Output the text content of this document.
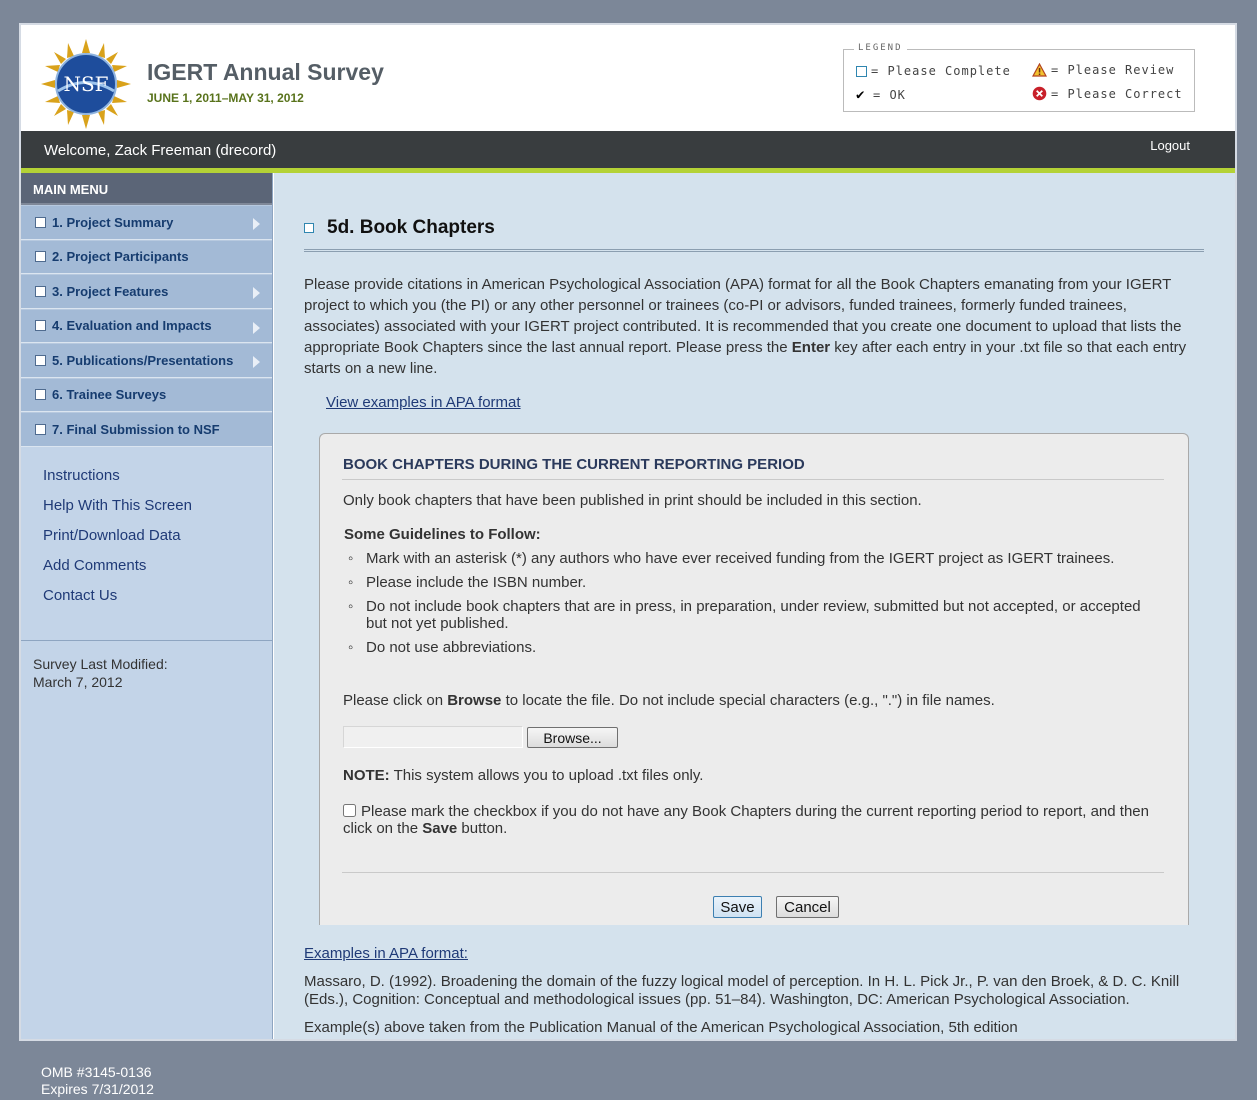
NSF IGERT Annual Survey
JUNE 1, 2011–MAY 31, 2012
LEGEND
= Please Complete
✔ = OK
= Please Review
= Please Correct
Welcome, Zack Freeman (drecord)	Logout
MAIN MENU
1. Project Summary
2. Project Participants
3. Project Features
4. Evaluation and Impacts
5. Publications/Presentations
6. Trainee Surveys
7. Final Submission to NSF
Instructions
Help With This Screen
Print/Download Data
Add Comments
Contact Us
Survey Last Modified:
March 7, 2012
5d. Book Chapters
Please provide citations in American Psychological Association (APA) format for all the Book Chapters emanating from your IGERT project to which you (the PI) or any other personnel or trainees (co-PI or advisors, funded trainees, formerly funded trainees, associates) associated with your IGERT project contributed. It is recommended that you create one document to upload that lists the appropriate Book Chapters since the last annual report. Please press the Enter key after each entry in your .txt file so that each entry starts on a new line.
View examples in APA format
BOOK CHAPTERS DURING THE CURRENT REPORTING PERIOD
Only book chapters that have been published in print should be included in this section.
Some Guidelines to Follow:
◦ Mark with an asterisk (*) any authors who have ever received funding from the IGERT project as IGERT trainees.
◦ Please include the ISBN number.
◦ Do not include book chapters that are in press, in preparation, under review, submitted but not accepted, or accepted but not yet published.
◦ Do not use abbreviations.
Please click on Browse to locate the file. Do not include special characters (e.g., ".") in file names.
Browse...
NOTE: This system allows you to upload .txt files only.
Please mark the checkbox if you do not have any Book Chapters during the current reporting period to report, and then click on the Save button.
Save	Cancel
Examples in APA format:
Massaro, D. (1992). Broadening the domain of the fuzzy logical model of perception. In H. L. Pick Jr., P. van den Broek, & D. C. Knill (Eds.), Cognition: Conceptual and methodological issues (pp. 51–84). Washington, DC: American Psychological Association.
Example(s) above taken from the Publication Manual of the American Psychological Association, 5th edition
OMB #3145-0136
Expires 7/31/2012
